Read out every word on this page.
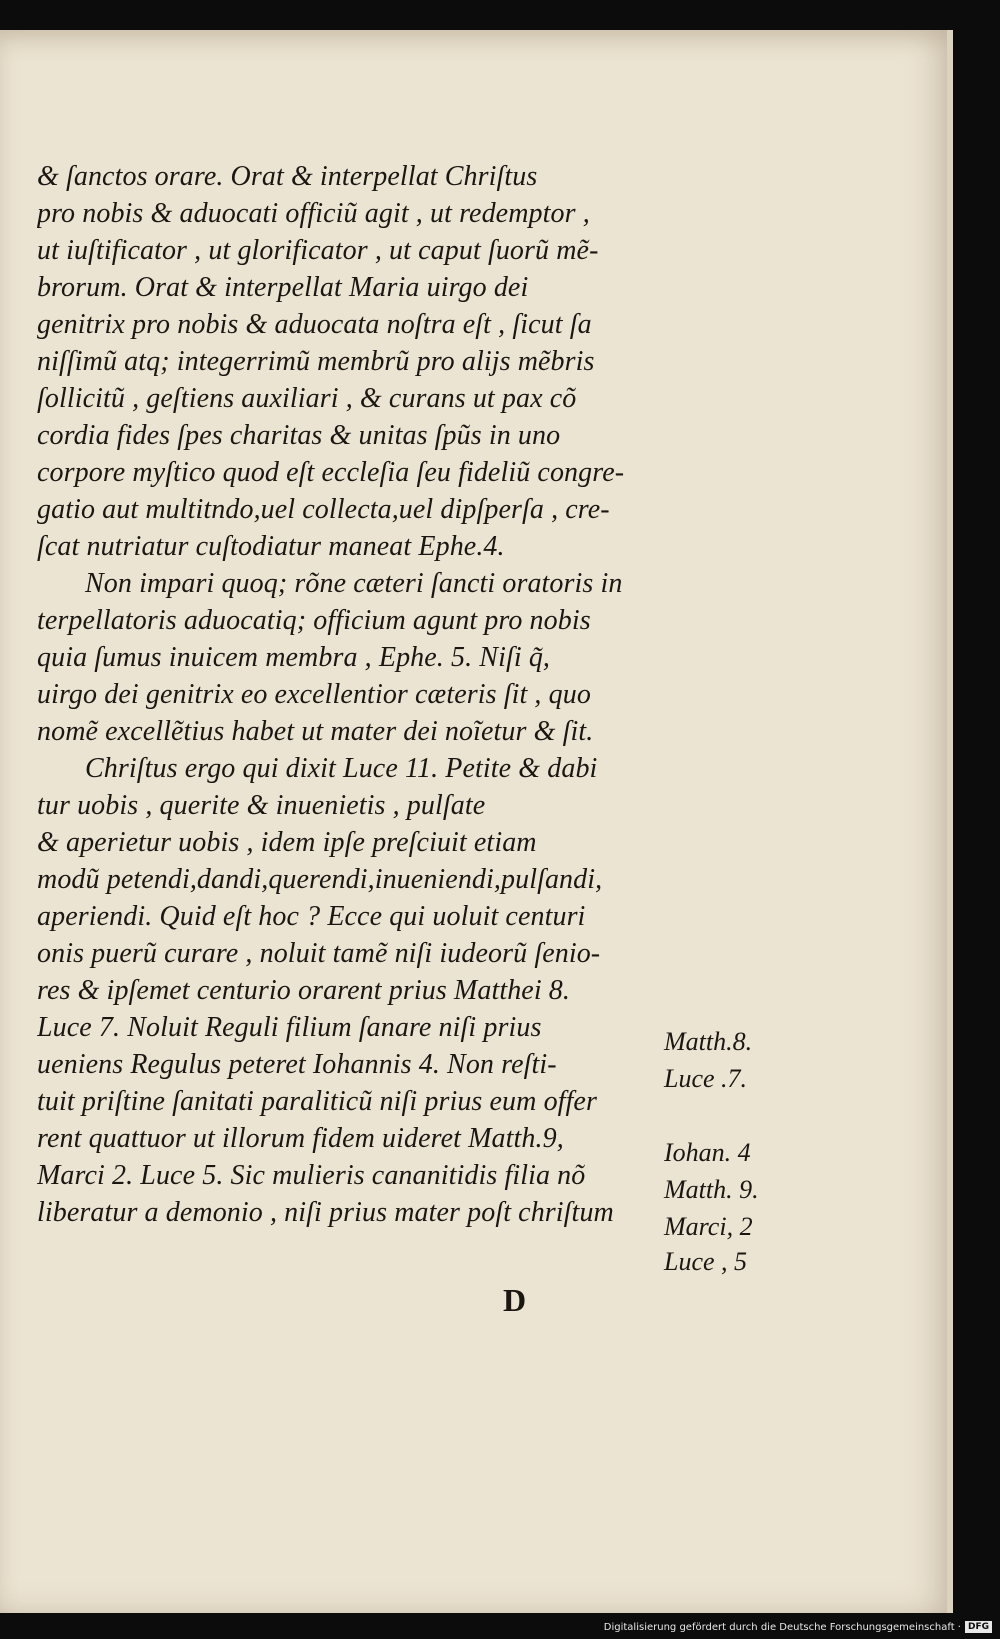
& ſanctos orare. Orat & interpellat Chriſtus
pro nobis & aduocati officiũ agit , ut redemptor ,
ut iuſtificator , ut glorificator , ut caput ſuorũ mẽ-
brorum. Orat & interpellat Maria uirgo dei
genitrix pro nobis & aduocata noſtra eſt , ſicut ſa
niſſimũ atq; integerrimũ membrũ pro alijs mẽbris
ſollicitũ , geſtiens auxiliari , & curans ut pax cõ
cordia fides ſpes charitas & unitas ſpũs in uno
corpore myſtico quod eſt eccleſia ſeu fideliũ congre-
gatio aut multitndo,uel collecta,uel dipſperſa , cre-
ſcat nutriatur cuſtodiatur maneat Ephe.4.
Non impari quoq; rõne cæteri ſancti oratoris in
terpellatoris aduocatiq; officium agunt pro nobis
quia ſumus inuicem membra , Ephe. 5. Niſi q̃,
uirgo dei genitrix eo excellentior cæteris ſit , quo
nomẽ excellẽtius habet ut mater dei noĩetur & ſit.
Chriſtus ergo qui dixit Luce 11. Petite & dabi
tur uobis , querite & inuenietis , pulſate
& aperietur uobis , idem ipſe preſciuit etiam
modũ petendi,dandi,querendi,inueniendi,pulſandi,
aperiendi. Quid eſt hoc ? Ecce qui uoluit centuri
onis puerũ curare , noluit tamẽ niſi iudeorũ ſenio-
res & ipſemet centurio orarent prius Matthei 8.
Luce 7. Noluit Reguli filium ſanare niſi prius
ueniens Regulus peteret Iohannis 4. Non reſti-
tuit priſtine ſanitati paraliticũ niſi prius eum offer
rent quattuor ut illorum fidem uideret Matth.9,
Marci 2. Luce 5. Sic mulieris cananitidis filia nõ
liberatur a demonio , niſi prius mater poſt chriſtum
Matth.8.
Luce .7.
Iohan. 4
Matth. 9.
Marci, 2
Luce , 5
D
Digitalisierung gefördert durch die Deutsche Forschungsgemeinschaft · DFG
